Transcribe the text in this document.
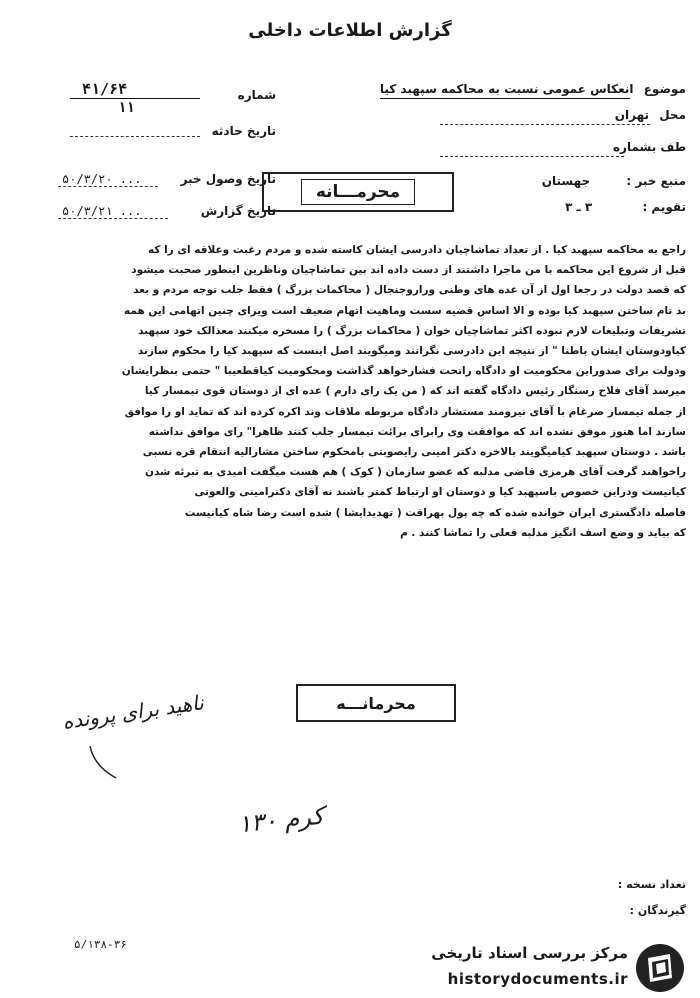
گزارش اطلاعات داخلی
موضوع انعکاس عمومی نسبت به محاکمه سپهبد کیا
محل تهران
طف بشماره
منبع خبر : جهستان
تقویم : ۳ ـ ۳
شماره
۴۱/۶۴
۱۱
تاریخ حادثه
تاریخ وصول خبر
۵۰/۳/۲۰ ...
تاریخ گزارش
۵۰/۳/۲۱ ...
محرمـــانه

راجع به محاکمه سپهبد کیا . از تعداد تماشاچیان دادرسی ایشان کاسته شده و مردم رغبت وعلاقه ای را که

قبل از شروع این محاکمه با من ماجرا داشتند از دست داده اند بین تماشاچیان وناظرین اینطور صحبت میشود

که قصد دولت در رجعا اول از آن عده های وطنی وراروجنجال ( محاکمات بزرگ ) فقط جلب توجه مردم و بعد

بد تام ساختن سپهبد کیا بوده و الا اساس قضیه سست وماهیت اتهام ضعیف است ویرای چنین اتهامی این همه

تشریفات وتبلیغات لازم نبوده اکثر تماشاچیان خوان ( محاکمات بزرگ ) را مسخره میکنند معذالک خود سپهبد

کیاودوستان ایشان باطنا " از نتیجه این دادرسی نگرانند ومیگویند اصل اینست که سپهبد کیا را محکوم سازند

ودولت برای صدوراین محکومیت او دادگاه راتحت فشارخواهد گذاشت ومحکومیت کیاقطعیبا " حتمی بنظرایشان

میرسد آقای فلاح رسنگار رئیس دادگاه گفته اند که ( من یک رای دارم ) عده ای از دوستان قوی تیمسار کیا

از جمله تیمسار ضرغام با آقای نیرومند مستشار دادگاه مربوطه ملاقات وند اکره کرده اند که تماید او را موافق

سازند اما هنوز موفق نشده اند که موافقت وی رابرای برائت تیمسار جلب کنند ظاهرا" رای موافق نداشته

باشد . دوستان سپهبد کیامیگویند بالاخره دکتر امینی رایصوبتی بامحکوم ساختن مشارالیه انتقام قره نسبی

راخواهند گرفت آقای هرمزی قاضی مدلبه که عضو سازمان ( کوک ) هم هست میگفت امیدی به تبرئه شدن

کیانیست ودراین خصوص باسپهبد کیا و دوستان او ارتباط کمتر باشند نه آقای دکترامینی والعوتی

فاصله دادگستری ایران خوانده شده که چه پول بهراقت ( تهدیدایشا ) شده است رضا شاه کیانیست

که بیاید و وضع اسف انگیز مدلبه فعلی را تماشا کنند . م

محرمانـــه
ناهید برای پرونده
کرم ۱۳۰
تعداد نسخه :
گیرندگان :
۵/۱۳۸-۳۶	مرکز بررسی اسناد تاریخی
historydocuments.ir
